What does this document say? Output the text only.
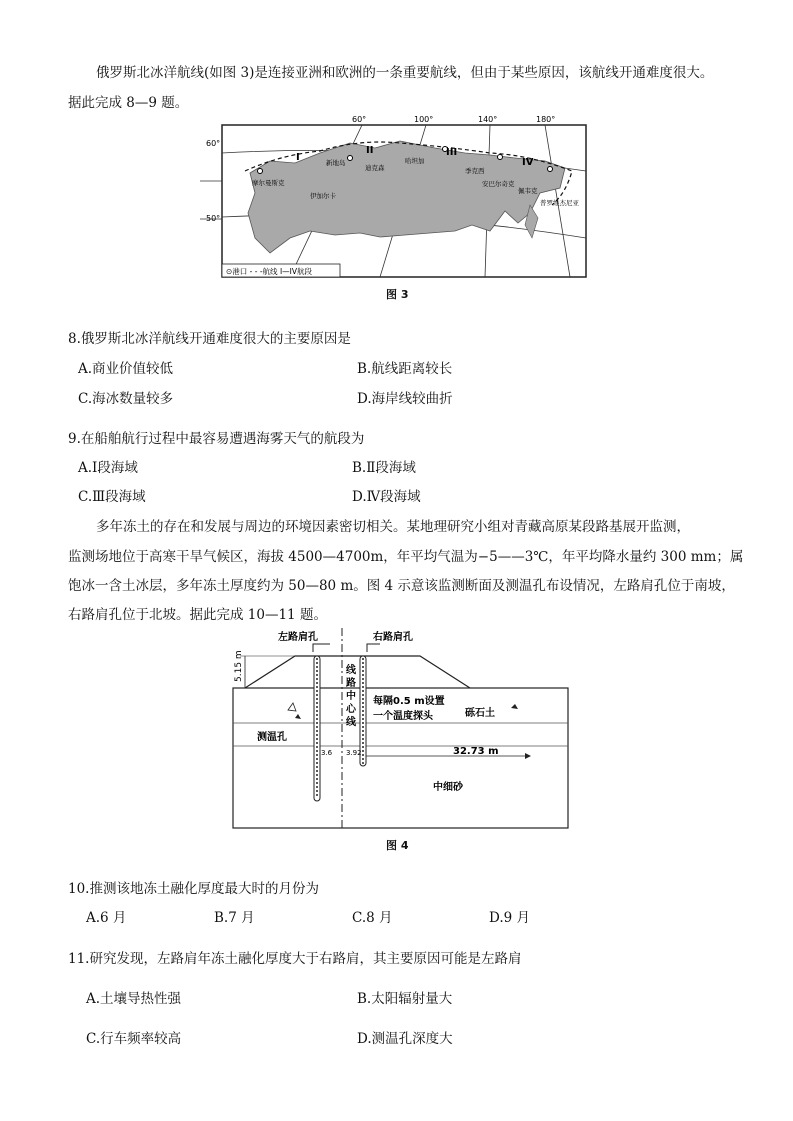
俄罗斯北冰洋航线(如图 3)是连接亚洲和欧洲的一条重要航线，但由于某些原因，该航线开通难度很大。
据此完成 8—9 题。
60°	100°	140°	180°
60°
50°
I
II	III
IV
摩尔曼斯克
新地岛
伊加尔卡
迪克森
哈坦加
季克西
安巴尔奇克
佩韦克
普罗维杰尼亚
⊙港口 - - -航线 I—IV航段
图 3
8.俄罗斯北冰洋航线开通难度很大的主要原因是
A.商业价值较低	B.航线距离较长
C.海冰数量较多	D.海岸线较曲折
9.在船舶航行过程中最容易遭遇海雾天气的航段为
A.Ⅰ段海域	B.Ⅱ段海域
C.Ⅲ段海域	D.Ⅳ段海域
多年冻土的存在和发展与周边的环境因素密切相关。某地理研究小组对青藏高原某段路基展开监测，
监测场地位于高寒干旱气候区，海拔 4500—4700m，年平均气温为−5——3℃，年平均降水量约 300 mm；属
饱冰一含土冰层，多年冻土厚度约为 50—80 m。图 4 示意该监测断面及测温孔布设情况，左路肩孔位于南坡，
右路肩孔位于北坡。据此完成 10—11 题。
左路肩孔	右路肩孔
线
路
中
心
线
5.15 m
每隔0.5 m设置
一个温度探头	砾石土
测温孔
3.6 3.92	32.73 m
中细砂
图 4
10.推测该地冻土融化厚度最大时的月份为
A.6 月	B.7 月	C.8 月	D.9 月
11.研究发现，左路肩年冻土融化厚度大于右路肩，其主要原因可能是左路肩
A.土壤导热性强	B.太阳辐射量大
C.行车频率较高	D.测温孔深度大
